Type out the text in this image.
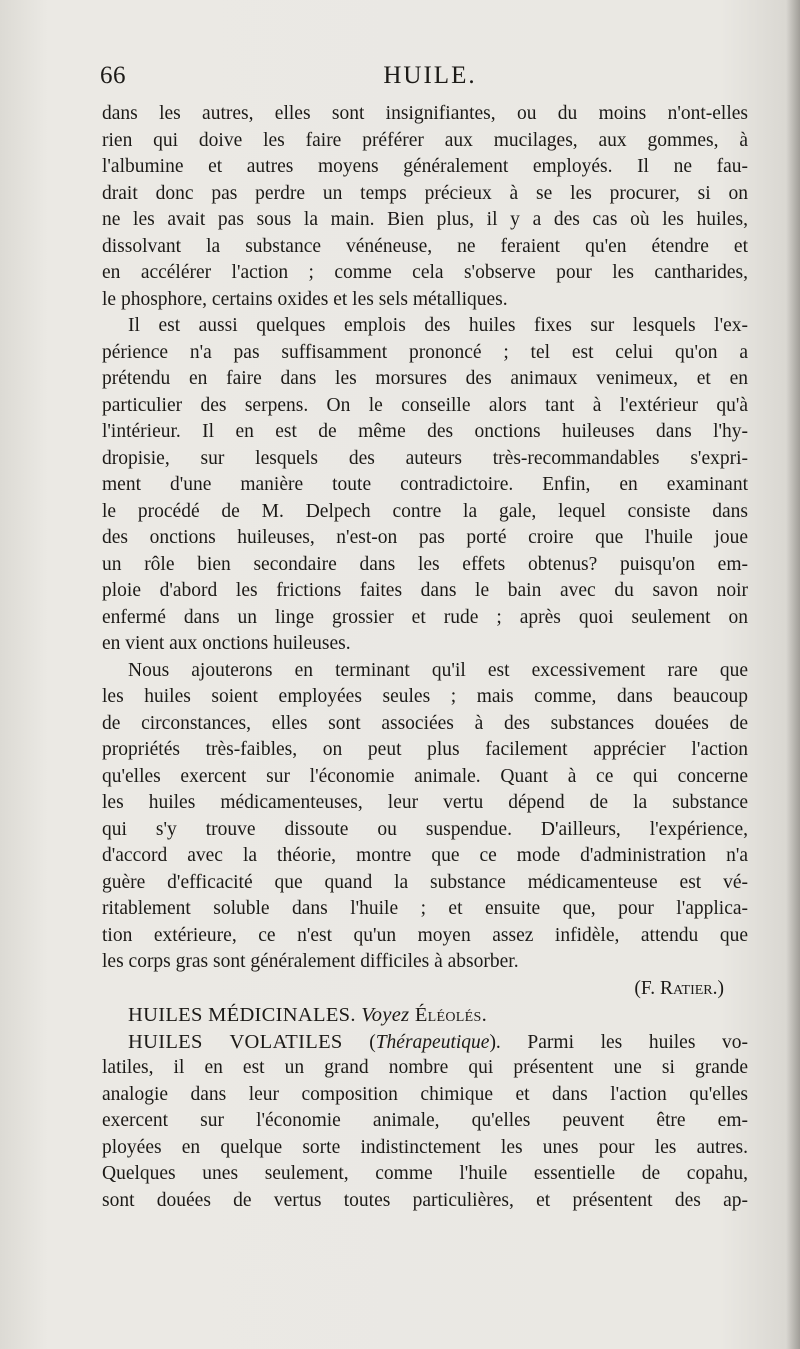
66	HUILE.
dans les autres, elles sont insignifiantes, ou du moins n'ont-elles
rien qui doive les faire préférer aux mucilages, aux gommes, à
l'albumine et autres moyens généralement employés. Il ne fau-
drait donc pas perdre un temps précieux à se les procurer, si on
ne les avait pas sous la main. Bien plus, il y a des cas où les huiles,
dissolvant la substance vénéneuse, ne feraient qu'en étendre et
en accélérer l'action ; comme cela s'observe pour les cantharides,
le phosphore, certains oxides et les sels métalliques.
Il est aussi quelques emplois des huiles fixes sur lesquels l'ex-
périence n'a pas suffisamment prononcé ; tel est celui qu'on a
prétendu en faire dans les morsures des animaux venimeux, et en
particulier des serpens. On le conseille alors tant à l'extérieur qu'à
l'intérieur. Il en est de même des onctions huileuses dans l'hy-
dropisie, sur lesquels des auteurs très-recommandables s'expri-
ment d'une manière toute contradictoire. Enfin, en examinant
le procédé de M. Delpech contre la gale, lequel consiste dans
des onctions huileuses, n'est-on pas porté croire que l'huile joue
un rôle bien secondaire dans les effets obtenus? puisqu'on em-
ploie d'abord les frictions faites dans le bain avec du savon noir
enfermé dans un linge grossier et rude ; après quoi seulement on
en vient aux onctions huileuses.
Nous ajouterons en terminant qu'il est excessivement rare que
les huiles soient employées seules ; mais comme, dans beaucoup
de circonstances, elles sont associées à des substances douées de
propriétés très-faibles, on peut plus facilement apprécier l'action
qu'elles exercent sur l'économie animale. Quant à ce qui concerne
les huiles médicamenteuses, leur vertu dépend de la substance
qui s'y trouve dissoute ou suspendue. D'ailleurs, l'expérience,
d'accord avec la théorie, montre que ce mode d'administration n'a
guère d'efficacité que quand la substance médicamenteuse est vé-
ritablement soluble dans l'huile ; et ensuite que, pour l'applica-
tion extérieure, ce n'est qu'un moyen assez infidèle, attendu que
les corps gras sont généralement difficiles à absorber.
(F. Ratier.)
HUILES MÉDICINALES. Voyez Éléolés.
HUILES VOLATILES (Thérapeutique). Parmi les huiles vo-
latiles, il en est un grand nombre qui présentent une si grande
analogie dans leur composition chimique et dans l'action qu'elles
exercent sur l'économie animale, qu'elles peuvent être em-
ployées en quelque sorte indistinctement les unes pour les autres.
Quelques unes seulement, comme l'huile essentielle de copahu,
sont douées de vertus toutes particulières, et présentent des ap-
